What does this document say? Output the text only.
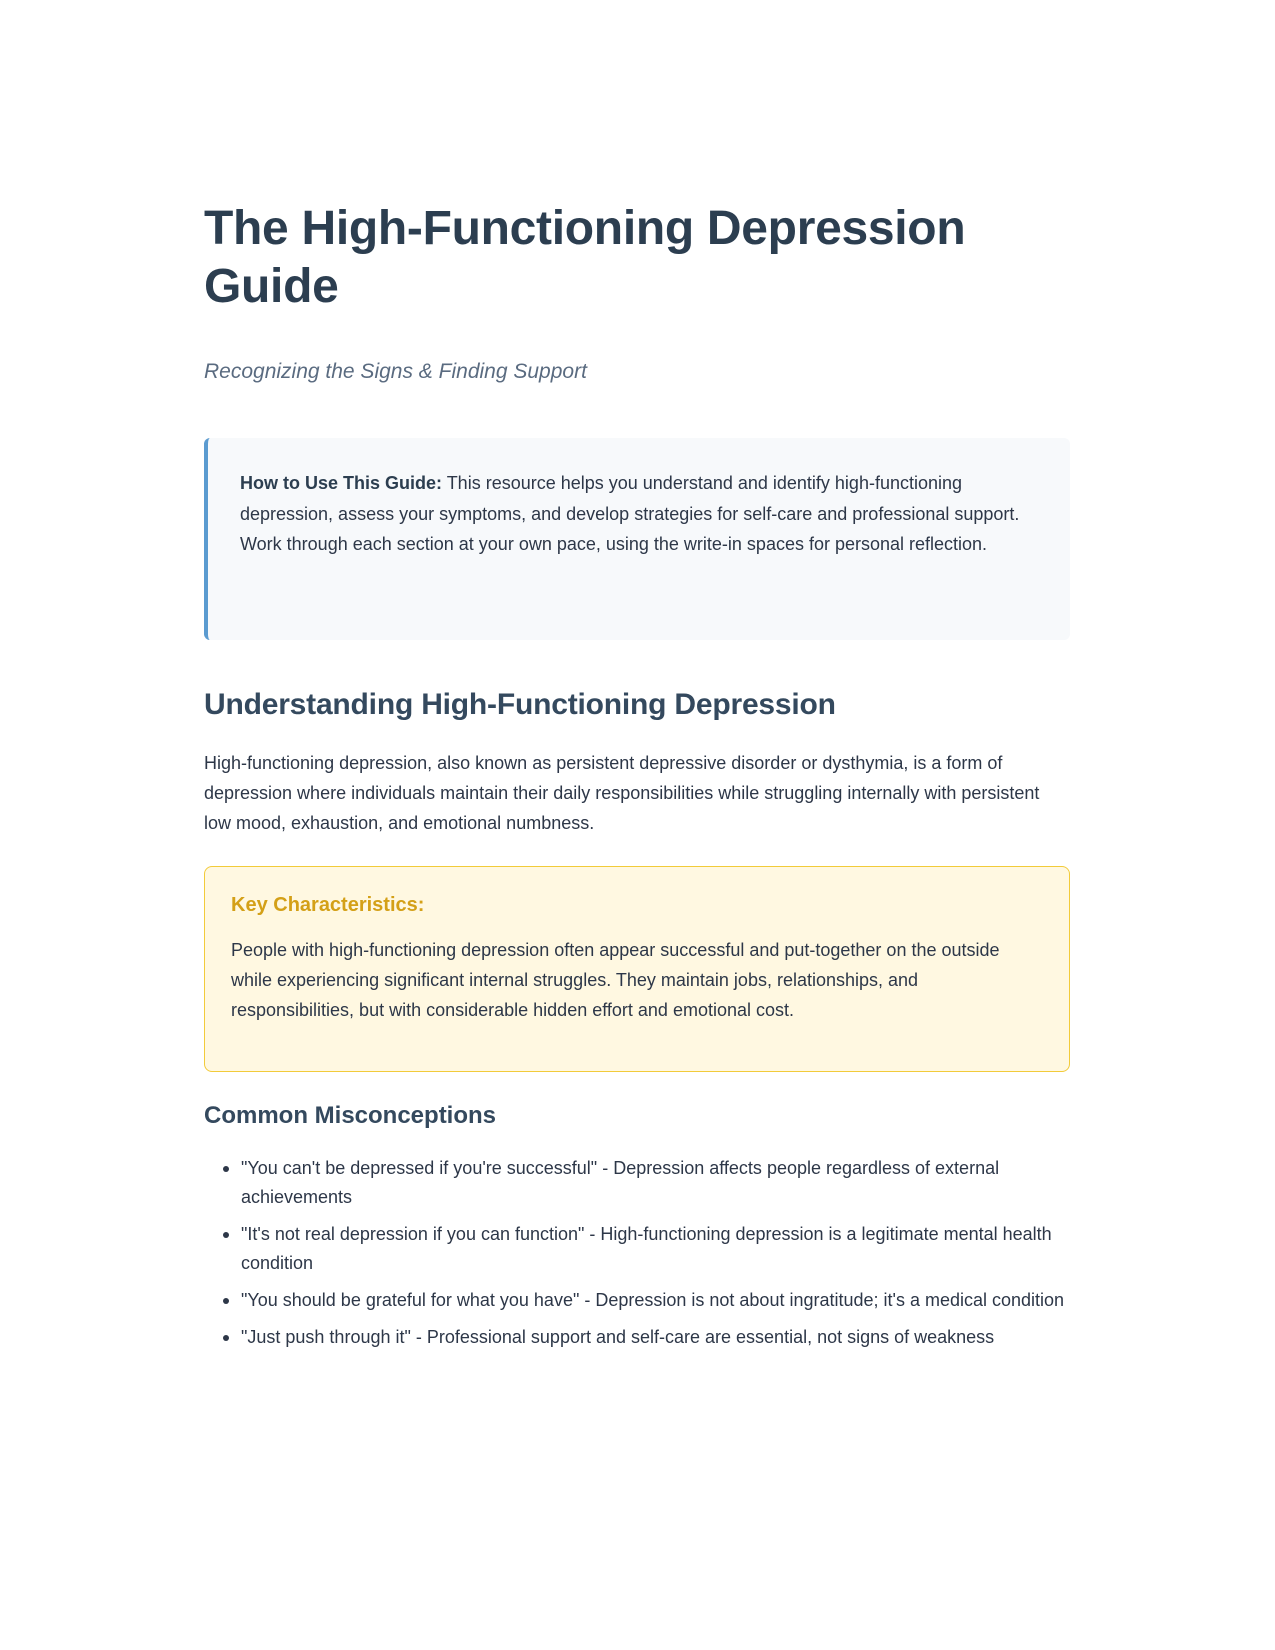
The High-Functioning Depression Guide

Recognizing the Signs & Finding Support

How to Use This Guide: This resource helps you understand and identify high-functioning depression, assess your symptoms, and develop strategies for self-care and professional support. Work through each section at your own pace, using the write-in spaces for personal reflection.

Understanding High-Functioning Depression

High-functioning depression, also known as persistent depressive disorder or dysthymia, is a form of depression where individuals maintain their daily responsibilities while struggling internally with persistent low mood, exhaustion, and emotional numbness.

Key Characteristics:

People with high-functioning depression often appear successful and put-together on the outside while experiencing significant internal struggles. They maintain jobs, relationships, and responsibilities, but with considerable hidden effort and emotional cost.

Common Misconceptions
"You can't be depressed if you're successful" - Depression affects people regardless of external achievements
"It's not real depression if you can function" - High-functioning depression is a legitimate mental health condition
"You should be grateful for what you have" - Depression is not about ingratitude; it's a medical condition
"Just push through it" - Professional support and self-care are essential, not signs of weakness
